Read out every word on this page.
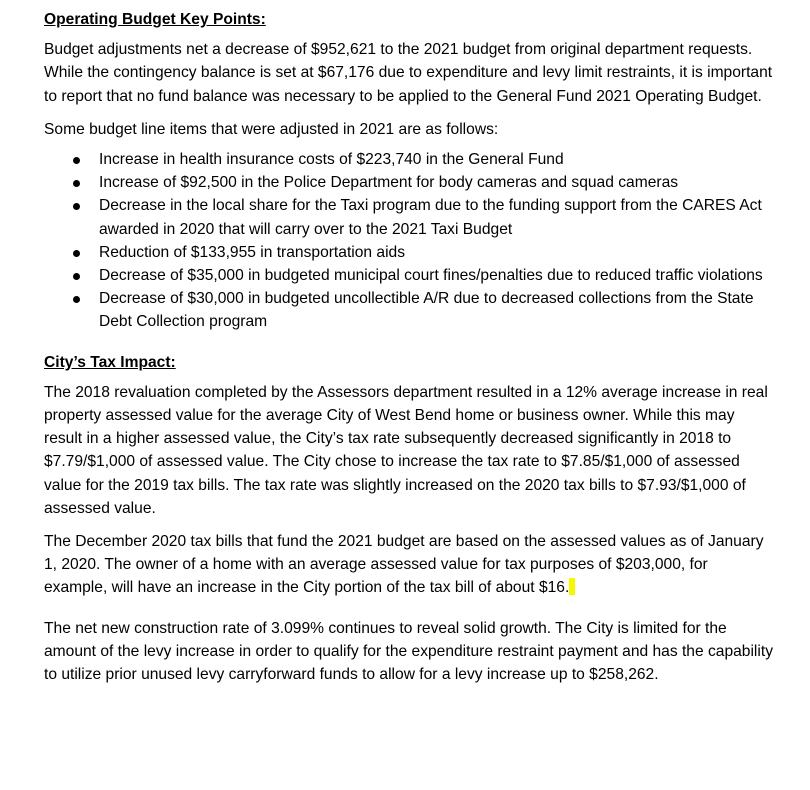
Operating Budget Key Points:

Budget adjustments net a decrease of $952,621 to the 2021 budget from original department requests. While the contingency balance is set at $67,176 due to expenditure and levy limit restraints, it is important to report that no fund balance was necessary to be applied to the General Fund 2021 Operating Budget.

Some budget line items that were adjusted in 2021 are as follows:

Increase in health insurance costs of $223,740 in the General Fund
Increase of $92,500 in the Police Department for body cameras and squad cameras
Decrease in the local share for the Taxi program due to the funding support from the CARES Act awarded in 2020 that will carry over to the 2021 Taxi Budget
Reduction of $133,955 in transportation aids
Decrease of $35,000 in budgeted municipal court fines/penalties due to reduced traffic violations
Decrease of $30,000 in budgeted uncollectible A/R due to decreased collections from the State Debt Collection program

City’s Tax Impact:

The 2018 revaluation completed by the Assessors department resulted in a 12% average increase in real property assessed value for the average City of West Bend home or business owner. While this may result in a higher assessed value, the City’s tax rate subsequently decreased significantly in 2018 to $7.79/$1,000 of assessed value. The City chose to increase the tax rate to $7.85/$1,000 of assessed value for the 2019 tax bills. The tax rate was slightly increased on the 2020 tax bills to $7.93/$1,000 of assessed value.

The December 2020 tax bills that fund the 2021 budget are based on the assessed values as of January 1, 2020. The owner of a home with an average assessed value for tax purposes of $203,000, for example, will have an increase in the City portion of the tax bill of about $16.

The net new construction rate of 3.099% continues to reveal solid growth. The City is limited for the amount of the levy increase in order to qualify for the expenditure restraint payment and has the capability to utilize prior unused levy carryforward funds to allow for a levy increase up to $258,262.
